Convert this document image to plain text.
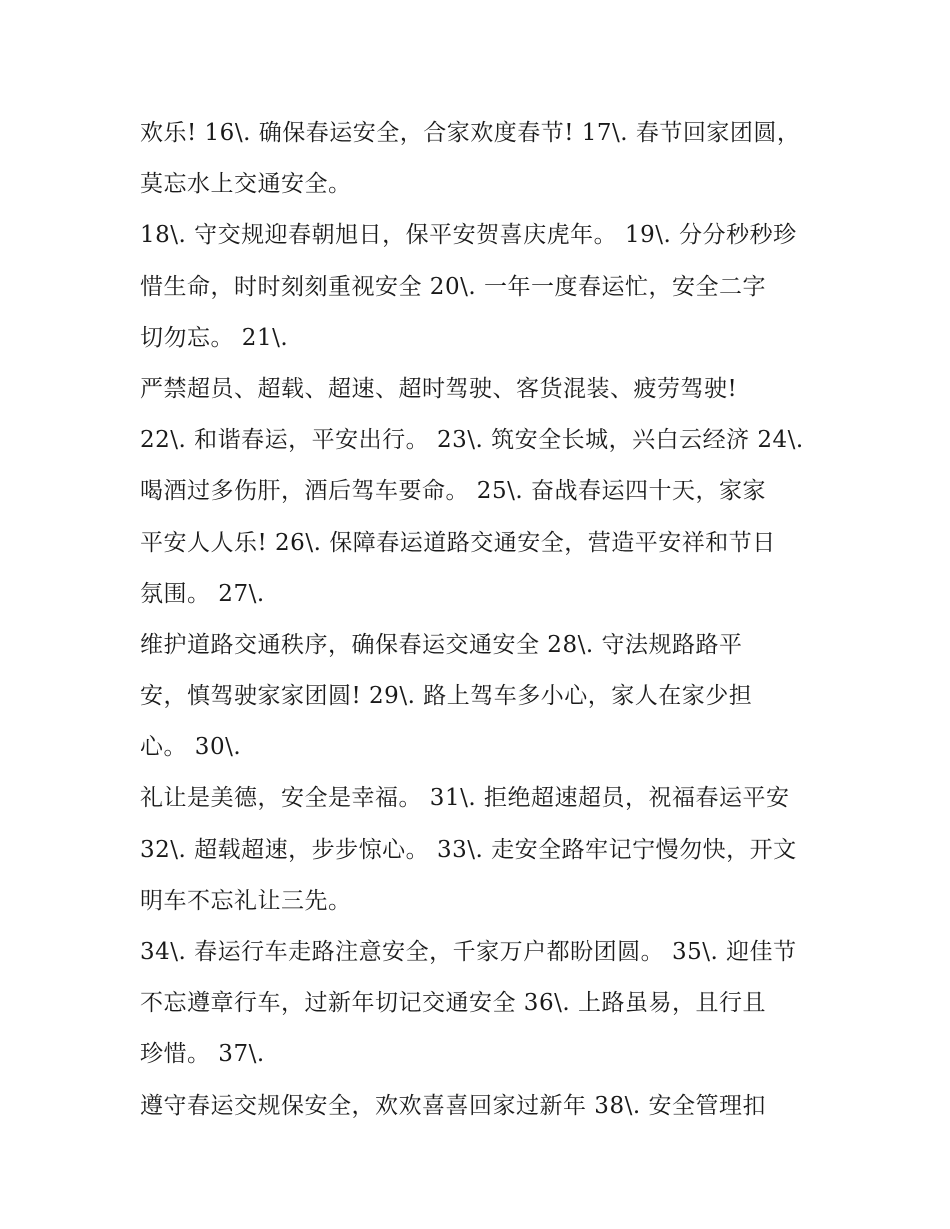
欢乐! 16\. 确保春运安全，合家欢度春节! 17\. 春节回家团圆，
莫忘水上交通安全。
18\. 守交规迎春朝旭日，保平安贺喜庆虎年。 19\. 分分秒秒珍
惜生命，时时刻刻重视安全 20\. 一年一度春运忙，安全二字
切勿忘。 21\.
严禁超员、超载、超速、超时驾驶、客货混装、疲劳驾驶!
22\. 和谐春运，平安出行。 23\. 筑安全长城，兴白云经济 24\.
喝酒过多伤肝，酒后驾车要命。 25\. 奋战春运四十天，家家
平安人人乐! 26\. 保障春运道路交通安全，营造平安祥和节日
氛围。 27\.
维护道路交通秩序，确保春运交通安全 28\. 守法规路路平
安，慎驾驶家家团圆! 29\. 路上驾车多小心，家人在家少担
心。 30\.
礼让是美德，安全是幸福。 31\. 拒绝超速超员，祝福春运平安
32\. 超载超速，步步惊心。 33\. 走安全路牢记宁慢勿快，开文
明车不忘礼让三先。
34\. 春运行车走路注意安全，千家万户都盼团圆。 35\. 迎佳节
不忘遵章行车，过新年切记交通安全 36\. 上路虽易，且行且
珍惜。 37\.
遵守春运交规保安全，欢欢喜喜回家过新年 38\. 安全管理扣
